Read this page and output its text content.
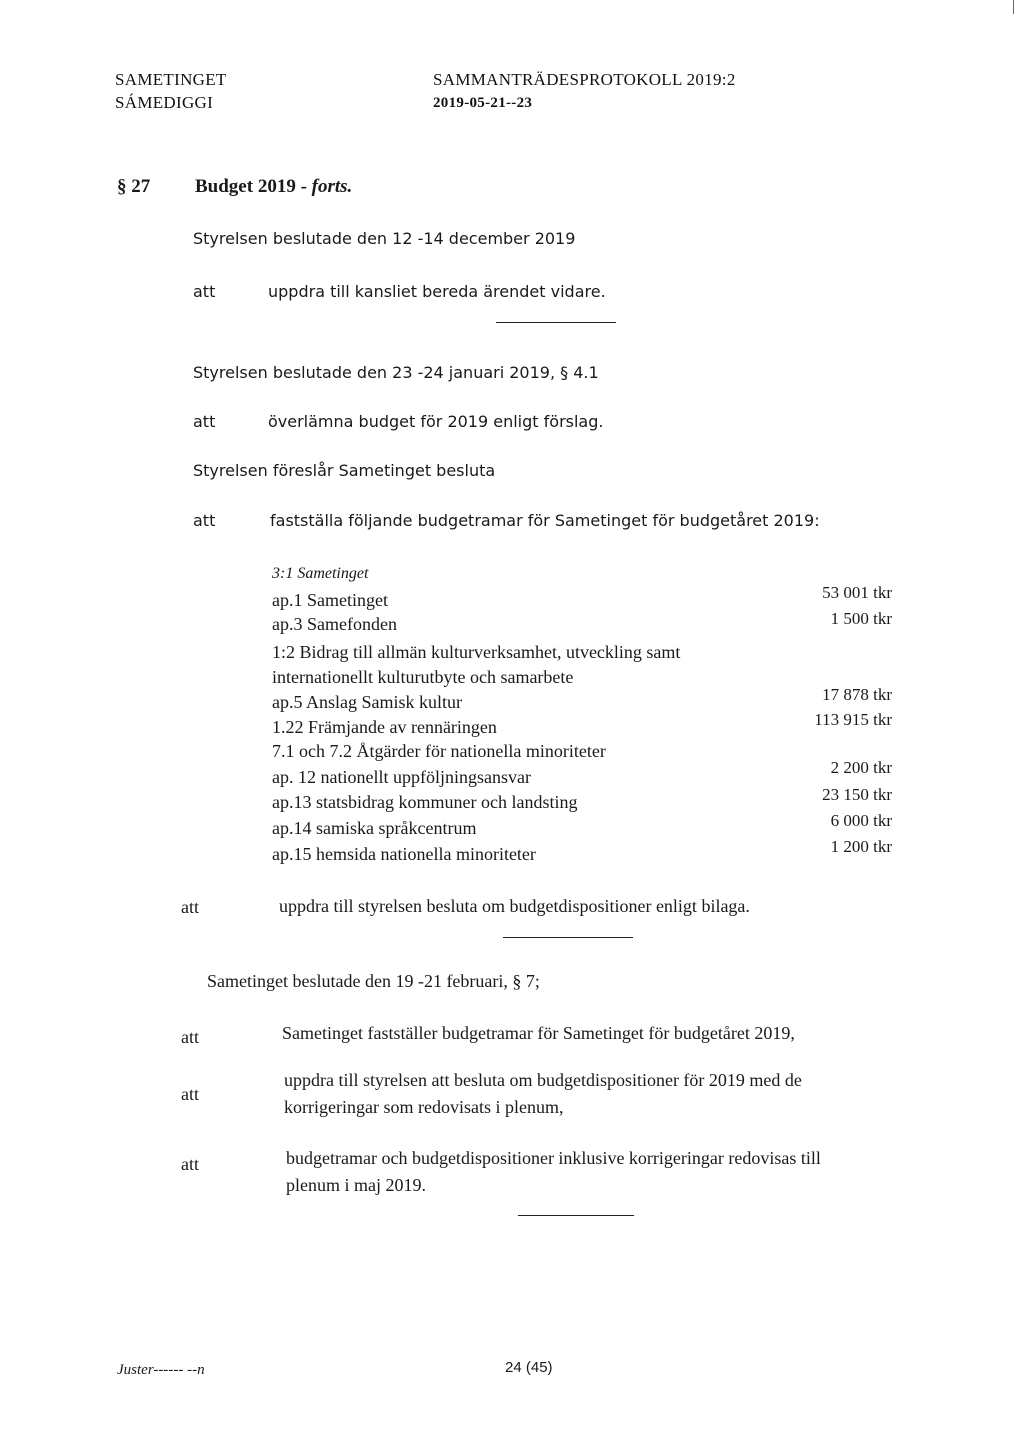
SAMETINGET
SÁMEDIGGI
SAMMANTRÄDESPROTOKOLL 2019:2
2019-05-21--23
§ 27 Budget 2019 - forts.
Styrelsen beslutade den 12 -14 december 2019
att	uppdra till kansliet bereda ärendet vidare.
Styrelsen beslutade den 23 -24 januari 2019, § 4.1
att	överlämna budget för 2019 enligt förslag.
Styrelsen föreslår Sametinget besluta
att	fastställa följande budgetramar för Sametinget för budgetåret 2019:
3:1 Sametinget
ap.1 Sametinget	53 001 tkr
ap.3 Samefonden	1 500 tkr
1:2 Bidrag till allmän kulturverksamhet, utveckling samt
internationellt kulturutbyte och samarbete
ap.5 Anslag Samisk kultur	17 878 tkr
1.22 Främjande av rennäringen	113 915 tkr
7.1 och 7.2 Åtgärder för nationella minoriteter
ap. 12 nationellt uppföljningsansvar	2 200 tkr
ap.13 statsbidrag kommuner och landsting	23 150 tkr
ap.14 samiska språkcentrum	6 000 tkr
ap.15 hemsida nationella minoriteter	1 200 tkr
att	uppdra till styrelsen besluta om budgetdispositioner enligt bilaga.
Sametinget beslutade den 19 -21 februari, § 7;
att	Sametinget fastställer budgetramar för Sametinget för budgetåret 2019,
att
uppdra till styrelsen att besluta om budgetdispositioner för 2019 med de
korrigeringar som redovisats i plenum,
att	budgetramar och budgetdispositioner inklusive korrigeringar redovisas till
plenum i maj 2019.
Juster------ --n	24 (45)
